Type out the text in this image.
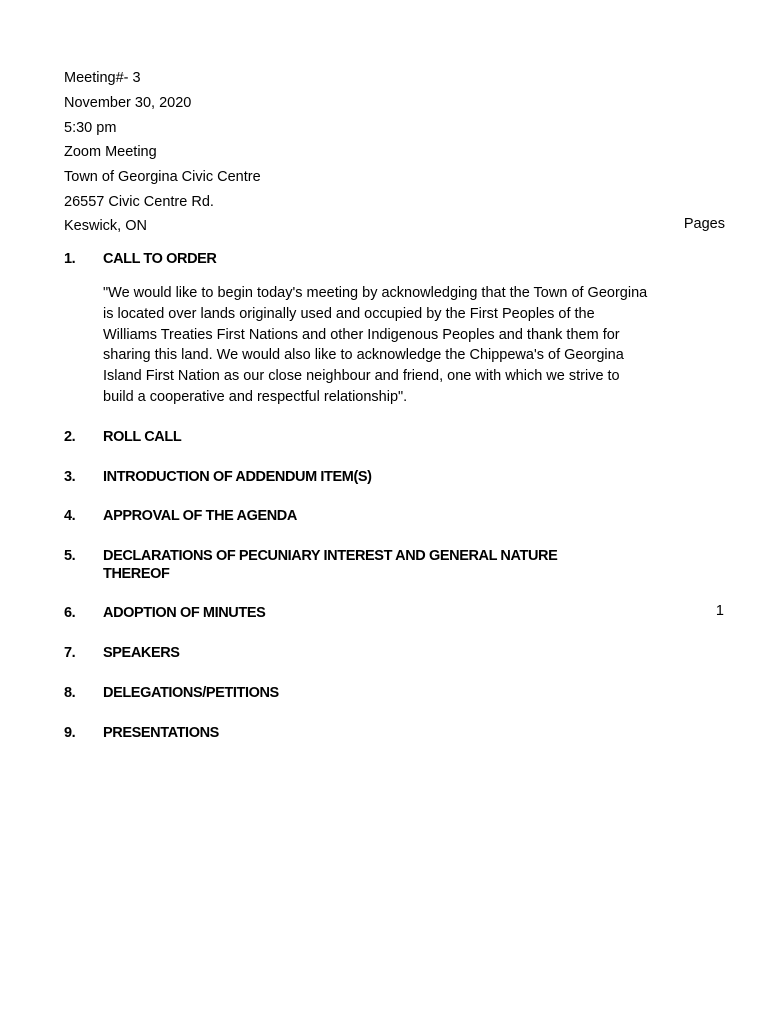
Meeting#- 3
November 30, 2020
5:30 pm
Zoom Meeting
Town of Georgina Civic Centre
26557 Civic Centre Rd.
Keswick, ON	Pages
1. CALL TO ORDER
"We would like to begin today's meeting by acknowledging that the Town of Georgina is located over lands originally used and occupied by the First Peoples of the Williams Treaties First Nations and other Indigenous Peoples and thank them for sharing this land. We would also like to acknowledge the Chippewa's of Georgina Island First Nation as our close neighbour and friend, one with which we strive to build a cooperative and respectful relationship".
2. ROLL CALL
3. INTRODUCTION OF ADDENDUM ITEM(S)
4. APPROVAL OF THE AGENDA
5. DECLARATIONS OF PECUNIARY INTEREST AND GENERAL NATURE THEREOF
6. ADOPTION OF MINUTES	1
7. SPEAKERS
8. DELEGATIONS/PETITIONS
9. PRESENTATIONS
